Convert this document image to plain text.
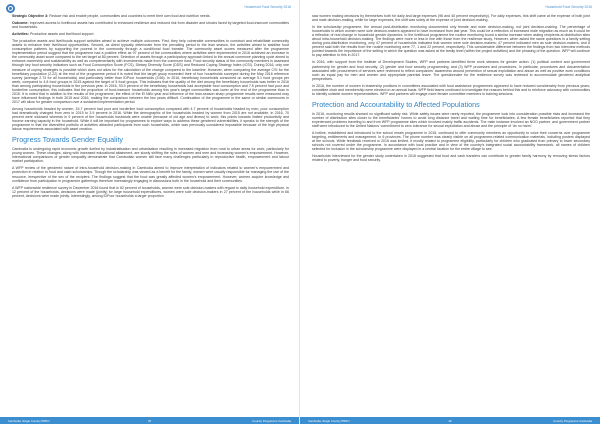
Household Food Security 2016

Strategic Objective 3: Reduce risk and enable people, communities and countries to meet their own food and nutrition needs.

Outcome: Improved access to livelihood assets has contributed to enhanced resilience and reduced risk from disaster and shocks faced by targeted food-insecure communities and households.

Activities: Productive assets and livelihood support.

The productive assets and livelihoods support activities aimed to achieve multiple outcomes. First, they help vulnerable communities to construct and rehabilitate community assets to enhance their livelihood opportunities. Second, as direct typically deteriorate from the prevailing period to the lean season, the activities aimed to stabilise food consumption patterns by supporting the poorest in the community through a conditional food transfer. The community asset scores measured after the programme implementation period suggest that the programme had a positive effect as 97 percent of the communities where activities were implemented in 2016 achieved an increase in the community asset score compared to the set target at 80 percent. Selection of assets through a participatory approach linked to the annual commune planning cycle aimed to enhance ownership and sustainability as well as complementarity with investments made from the commune fund. Food security status of the community members is assessed through key food security indicators such as Food Consumption Score (FCS), Dietary Diversity Score (DDS) and Reduced Coping Strategy Index (rCSI). During 2016, only one measure of coping strategies is possible which does not allow for the calculation of the change compared to the baseline. However, when comparing the average CSI for the beneficiary population (2.22) at the end of the programme period it is noted that the target group exceeded their of four households surveyed during the May 2016 reference survey (average 2.73 for all households) and particularly better than IDPoor households (3.66). In 2016, beneficiary households consumed on average 5.1 food groups per week, compared to 4.8 food groups in 2015 against the target of 5 food groups. This indicates that the quality of the diet among the beneficiary households was better in 2016 than among participating households in the previous year. In 2016, 93.9 percent of the beneficiary households had acceptable food consumption and 7.5 percent had poor and borderline consumption; this indicates that the proportion of food-insecure households among this year's target communities was lower at the end of the programme than in 2015. It is noted that in addition to the results of the programme, the effect of the El Niño year and influence of the lean-season sharp programme results were measured may have influenced findings in both 2015 and 2016, making the comparison between the two years difficult. Continuation of the programme in the same or similar communes in 2017 will allow for greater comparison over a sustained implementation period.

Among households headed by women, 15.7 percent had poor and borderline food consumption compared with 4.7 percent of households headed by men; poor consumption had dramatically changed from zero in 2015 to 3.9 percent in 2016. While the demographic of the households headed by women from 2015 are not available, in 2016, 70 percent were widowed whereas in 9 percent of the households husbands were unable (because of old age and illness) to work; this points towards limited productivity and income earning capacity in the household. While it will be important for programmes to explore ways to address these gendered vulnerabilities, it speaks to the strength of the programme in that the diversified portfolio of activities attracted participants from such households, which was previously considered impossible because of the high physical labour requirements associated with asset creation.

Progress Towards Gender Equality

Cambodia is undergoing rapid economic growth fuelled by industrialisation and urbanisation resulting in increased migration from rural to urban areas for work, particularly for young women. These changes, along with increased educational attainment, are slowly shifting the roles of women and men and increasing women's empowerment. However, international comparisons of gender inequality demonstrate that Cambodian women still face many challenges particularly in reproductive health, empowerment and labour market participation.

A WFP review of the gendered nature of intra-household decision-making in Cambodia aimed to improve interpretation of indicators related to women's empowerment and protection in relation to food and cash scholarships. Though the scholarship was viewed as a benefit for the family, women were usually responsible for managing the use of the resource, irrespective of the sex of the recipient. The findings suggest that the food was greatly affected women's empowerment. However, women acquire knowledge and confidence from participation in programme gatherings therefore increasingly engaging in discussions both in the household and their communities.

A WFP nationwide resilience survey in December 2016 found that in 82 percent of households, women were sole decision-makers with regard to daily household expenditure. In 12 percent of the households, decisions were made (jointly) for large household expenditures, women were sole decision-makers in 27 percent of the households while in 66 percent, decisions were made jointly. Interestingly, among IDPoor households a larger proportion

Cambodia, Single Country PRRO	25	Country Programme Cambodia
Household Food Security 2016

saw women making decisions by themselves both for daily and large expenses (96 and 40 percent respectively). For daily expenses, this shift came at the expense of both joint and male decision-making, while for large expenses, the shift was solely at the expense of joint decision-making.

In the scholarship programme, the annual post-distribution monitoring documented only female and male decision-making, not joint decision-making. The percentage of households in which women were sole decision-makers appeared to have increased from last year. This could be a reflection of increased male migration as much as it could be a reflection of real change in household gender dynamics. In the livelihood programme the routine monitoring found a similar increase when asking recipients at distribution sites about intra-household decision-making. The findings were more or less in line with those from the resilience study. However, when asked the same questions in a family setting during post-distribution monitoring, only 47 percent of households indicated that women were sole decision-makers; 47 percent indicated men as sole decision-makers, and 8 percent said both the results from the routine monitoring were 77, 1 and 22 percent, respectively. This considerable difference between the findings from two interview methods pointed towards the importance of the setting in which the question was asked at the family level (within the project activities) and the phrasing of the question. WFP will continue to pay attention to this in 2017.

In 2016, with support from the Institute of Development Studies, WFP and partners identified three work streams for gender action: (1) political context and government partnership for gender and food security, (2) gender and food security programming, and (3) WFP processes and procedures. In particular, procedures and documentation associated with procurement of services were reviewed to reflect companies' awareness around prevention of sexual exploitation and abuse as well as positive work conditions such as equal pay for men and women and appropriate parental leave. The questionnaire for the resilience survey was reviewed to accommodate gendered analytical perspectives.

In 2016, the number of women in leadership positions in committees associated with food assistance programmes appeared to have reduced considerably from previous years; committee chair and membership were elected on an annual basis. WFP field teams continued to investigate the reasons behind this and to reinforce advocacy with communities to identify suitable women representatives. WFP and partners will engage more female committee members in training sessions.

Protection and Accountability to Affected Populations

In 2016, monitoring results showed no significant safety risk. While safety issues were rarely reported, the programme took into consideration possible risks and increased the number of distribution sites closer to the beneficiaries' homes to avoid long distance travel and waiting time for beneficiaries. A few female beneficiaries reported that they experienced problems traveling to and from WFP programme sites which involved mainly traffic accidents. The main instance involved an NGO partner, and government partner staff were introduced to the United Nations' commitment to zero tolerance for sexual exploitation and abuse and the principle of 'do no harm'.

A hotline, established and introduced to the school meals programme in 2015, continued to offer community members an opportunity to voice their concerns over programme targeting, entitlements and management. In 6 provinces. The phone number was clearly visible on all programme-related communication materials, including posters displayed at the schools. While feedback received in 2016 was limited, it mostly related to programme eligibility, particularly for children who graduated from primary to lower secondary schools not covered under the programme. In accordance with local practice and in view of the country's integrated social accountability framework, all names of children selected for inclusion in the scholarship programme were displayed in a central location for the entire village to see.

Households interviewed for the gender study undertaken in 2016 suggested that food and cash transfers can contribute to greater family harmony by removing stress factors related to poverty, hunger and food security.

Cambodia, Single Country PRRO	26	Country Programme Cambodia
